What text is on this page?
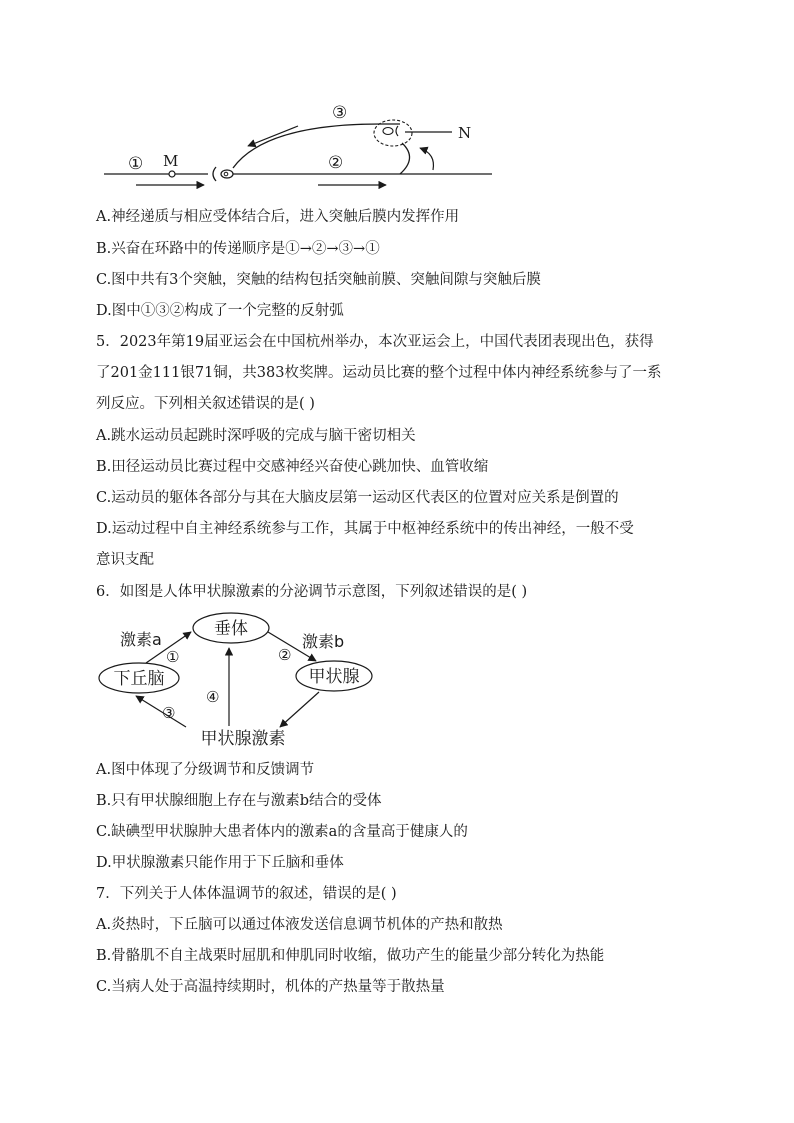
① M
③
②
N

A.神经递质与相应受体结合后，进入突触后膜内发挥作用

B.兴奋在环路中的传递顺序是①→②→③→①

C.图中共有3个突触，突触的结构包括突触前膜、突触间隙与突触后膜

D.图中①③②构成了一个完整的反射弧

5．2023年第19届亚运会在中国杭州举办，本次亚运会上，中国代表团表现出色，获得

了201金111银71铜，共383枚奖牌。运动员比赛的整个过程中体内神经系统参与了一系

列反应。下列相关叙述错误的是( )

A.跳水运动员起跳时深呼吸的完成与脑干密切相关

B.田径运动员比赛过程中交感神经兴奋使心跳加快、血管收缩

C.运动员的躯体各部分与其在大脑皮层第一运动区代表区的位置对应关系是倒置的

D.运动过程中自主神经系统参与工作，其属于中枢神经系统中的传出神经，一般不受

意识支配

6．如图是人体甲状腺激素的分泌调节示意图，下列叙述错误的是( )

垂体
下丘脑	甲状腺
甲状腺激素
激素a	激素b
①	②
③
④

A.图中体现了分级调节和反馈调节

B.只有甲状腺细胞上存在与激素b结合的受体

C.缺碘型甲状腺肿大患者体内的激素a的含量高于健康人的

D.甲状腺激素只能作用于下丘脑和垂体

7．下列关于人体体温调节的叙述，错误的是( )

A.炎热时，下丘脑可以通过体液发送信息调节机体的产热和散热

B.骨骼肌不自主战栗时屈肌和伸肌同时收缩，做功产生的能量少部分转化为热能

C.当病人处于高温持续期时，机体的产热量等于散热量
